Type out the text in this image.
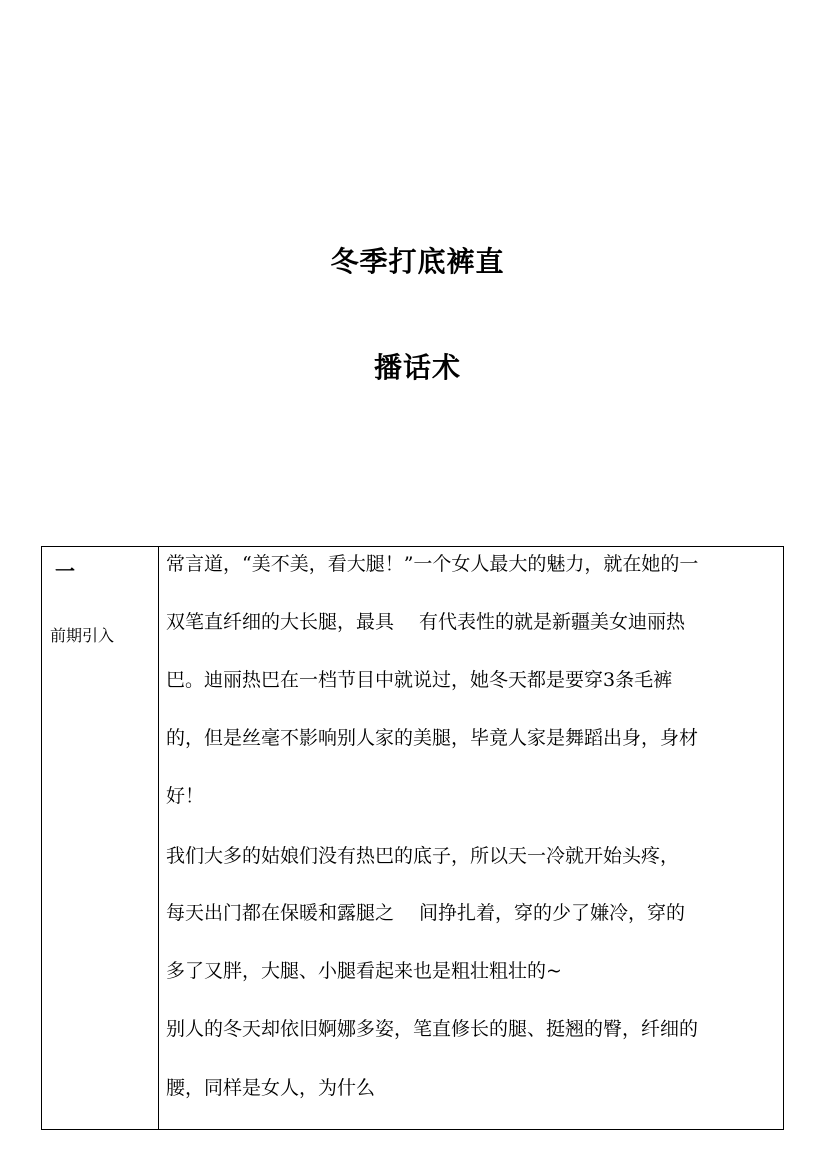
冬季打底裤直
播话术
一
前期引入
常言道，“美不美，看大腿！”一个女人最大的魅力，就在她的一
双笔直纤细的大长腿，最具　 有代表性的就是新疆美女迪丽热
巴。迪丽热巴在一档节目中就说过，她冬天都是要穿3条毛裤
的，但是丝毫不影响别人家的美腿，毕竟人家是舞蹈出身，身材
好！
我们大多的姑娘们没有热巴的底子，所以天一冷就开始头疼，
每天出门都在保暖和露腿之　 间挣扎着，穿的少了嫌冷，穿的
多了又胖，大腿、小腿看起来也是粗壮粗壮的~
别人的冬天却依旧婀娜多姿，笔直修长的腿、挺翘的臀，纤细的
腰，同样是女人，为什么
